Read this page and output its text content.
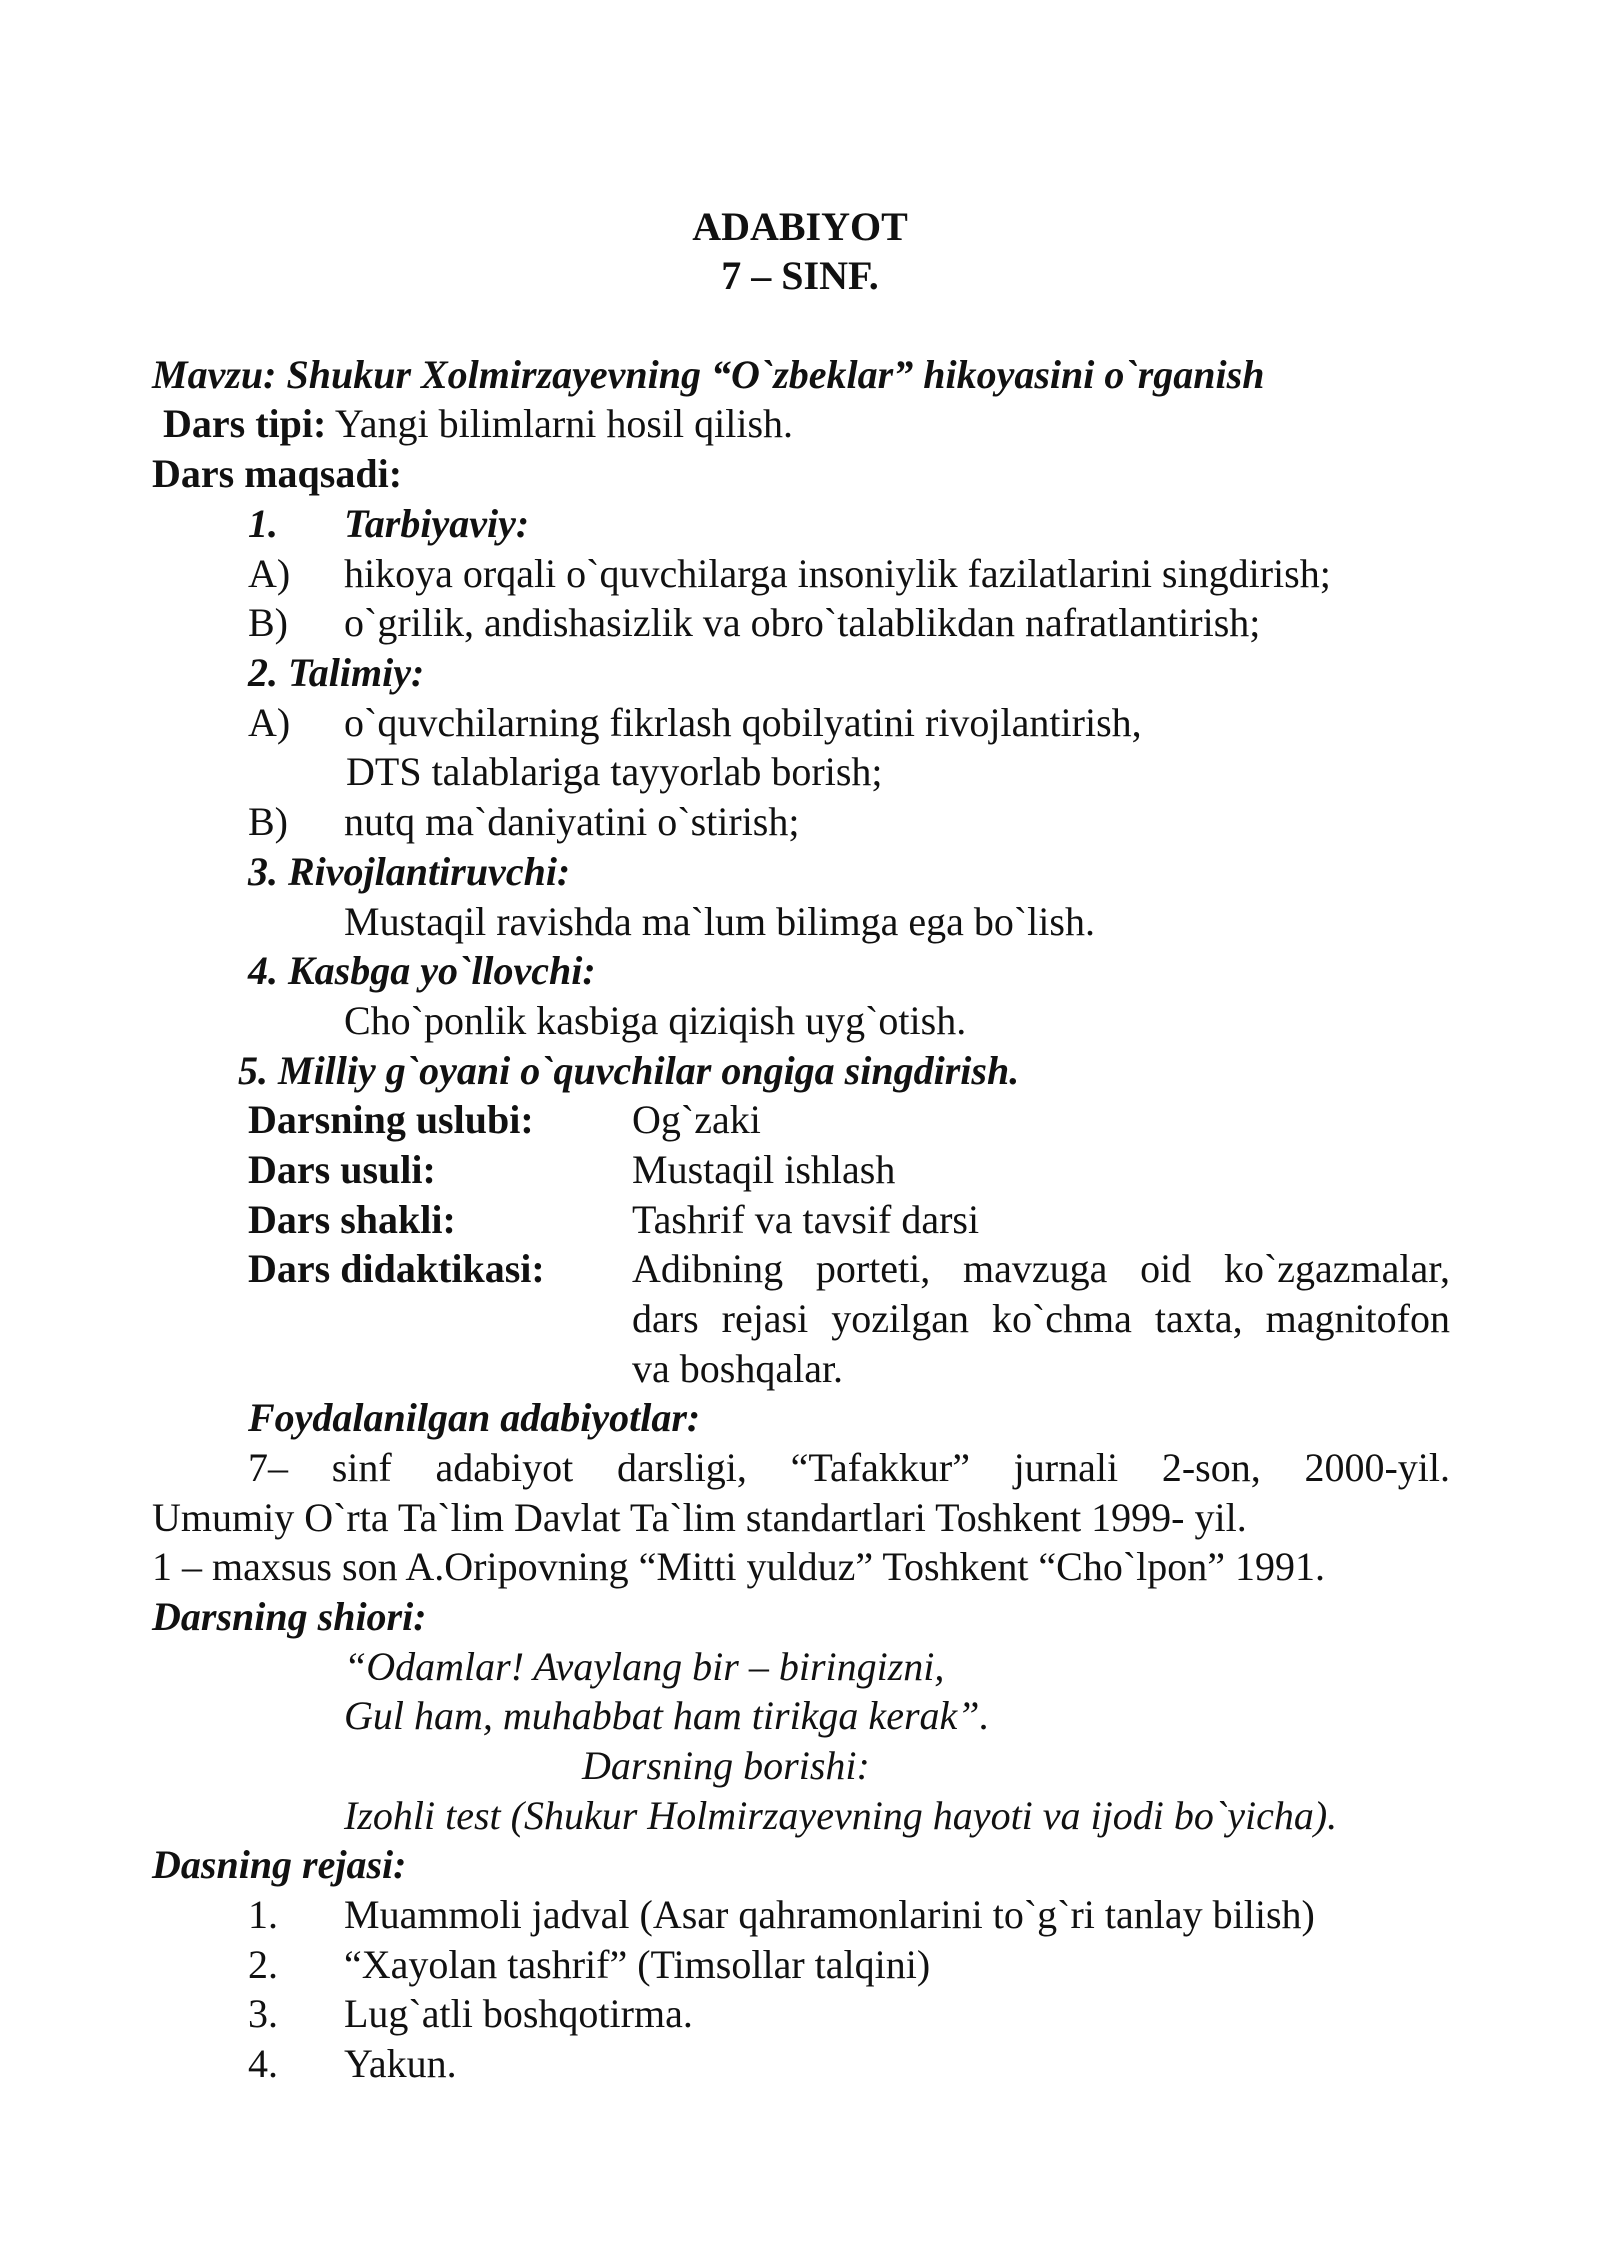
ADABIYOT
7 – SINF.
Mavzu: Shukur Xolmirzayevning “O`zbeklar” hikoyasini o`rganish
Dars tipi: Yangi bilimlarni hosil qilish.
Dars maqsadi:
1. Tarbiyaviy:
A) hikoya orqali o`quvchilarga insoniylik fazilatlarini singdirish;
B) o`grilik, andishasizlik va obro`talablikdan nafratlantirish;
2. Talimiy:
A) o`quvchilarning fikrlash qobilyatini rivojlantirish,
DTS talablariga tayyorlab borish;
B) nutq ma`daniyatini o`stirish;
3. Rivojlantiruvchi:
Mustaqil ravishda ma`lum bilimga ega bo`lish.
4. Kasbga yo`llovchi:
Cho`ponlik kasbiga qiziqish uyg`otish.
5. Milliy g`oyani o`quvchilar ongiga singdirish.
Darsning uslubi: Og`zaki
Dars usuli:	Mustaqil ishlash
Dars shakli:	Tashrif va tavsif darsi
Dars didaktikasi: Adibning porteti, mavzuga oid ko`zgazmalar,
dars rejasi yozilgan ko`chma taxta, magnitofon
va boshqalar.
Foydalanilgan adabiyotlar:
7– sinf adabiyot darsligi, “Tafakkur” jurnali 2-son, 2000-yil.
Umumiy O`rta Ta`lim Davlat Ta`lim standartlari Toshkent 1999- yil.
1 – maxsus son A.Oripovning “Mitti yulduz” Toshkent “Cho`lpon” 1991.
Darsning shiori:
“Odamlar! Avaylang bir – biringizni,
Gul ham, muhabbat ham tirikga kerak”.
Darsning borishi:
Izohli test (Shukur Holmirzayevning hayoti va ijodi bo`yicha).
Dasning rejasi:
1. Muammoli jadval (Asar qahramonlarini to`g`ri tanlay bilish)
2. “Xayolan tashrif” (Timsollar talqini)
3. Lug`atli boshqotirma.
4. Yakun.
